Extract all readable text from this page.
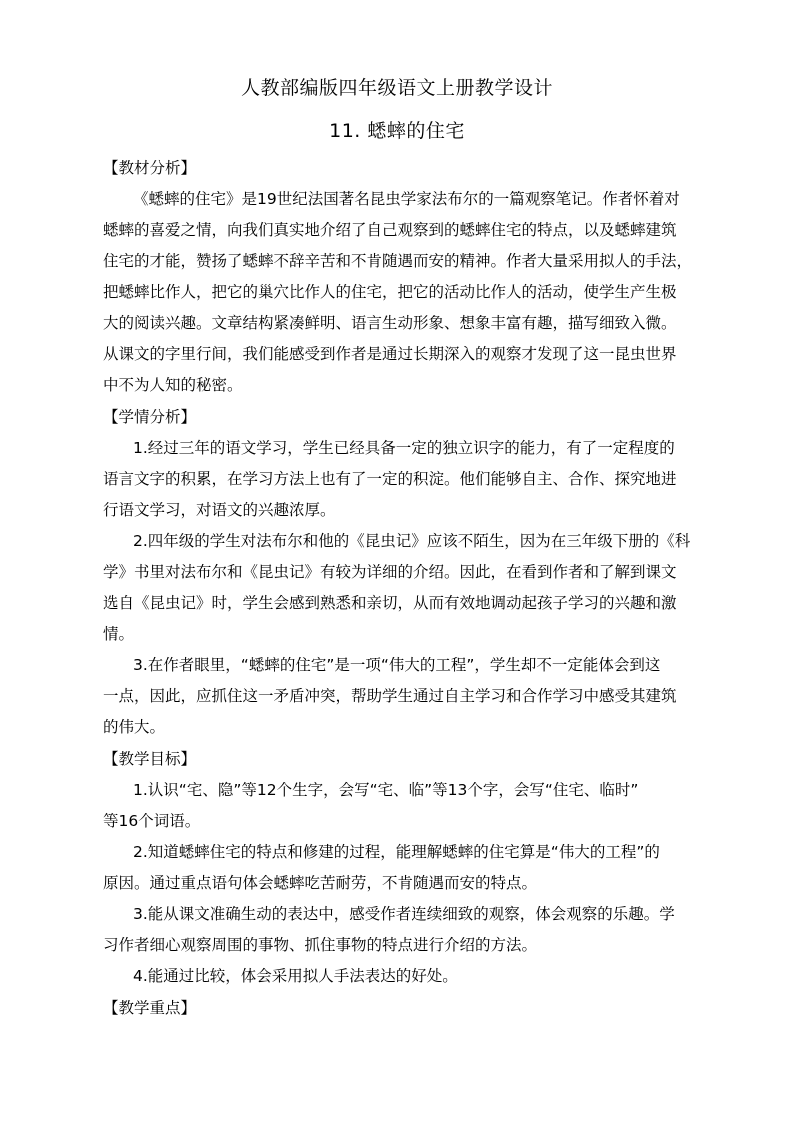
人教部编版四年级语文上册教学设计
11. 蟋蟀的住宅
【教材分析】
《蟋蟀的住宅》是19世纪法国著名昆虫学家法布尔的一篇观察笔记。作者怀着对
蟋蟀的喜爱之情，向我们真实地介绍了自己观察到的蟋蟀住宅的特点，以及蟋蟀建筑
住宅的才能，赞扬了蟋蟀不辞辛苦和不肯随遇而安的精神。作者大量采用拟人的手法，
把蟋蟀比作人，把它的巢穴比作人的住宅，把它的活动比作人的活动，使学生产生极
大的阅读兴趣。文章结构紧凑鲜明、语言生动形象、想象丰富有趣，描写细致入微。
从课文的字里行间，我们能感受到作者是通过长期深入的观察才发现了这一昆虫世界
中不为人知的秘密。
【学情分析】
1.经过三年的语文学习，学生已经具备一定的独立识字的能力，有了一定程度的
语言文字的积累，在学习方法上也有了一定的积淀。他们能够自主、合作、探究地进
行语文学习，对语文的兴趣浓厚。
2.四年级的学生对法布尔和他的《昆虫记》应该不陌生，因为在三年级下册的《科
学》书里对法布尔和《昆虫记》有较为详细的介绍。因此，在看到作者和了解到课文
选自《昆虫记》时，学生会感到熟悉和亲切，从而有效地调动起孩子学习的兴趣和激
情。
3.在作者眼里，“蟋蟀的住宅”是一项“伟大的工程”，学生却不一定能体会到这
一点，因此，应抓住这一矛盾冲突，帮助学生通过自主学习和合作学习中感受其建筑
的伟大。
【教学目标】
1.认识“宅、隐”等12个生字，会写“宅、临”等13个字，会写“住宅、临时”
等16个词语。
2.知道蟋蟀住宅的特点和修建的过程，能理解蟋蟀的住宅算是“伟大的工程”的
原因。通过重点语句体会蟋蟀吃苦耐劳，不肯随遇而安的特点。
3.能从课文准确生动的表达中，感受作者连续细致的观察，体会观察的乐趣。学
习作者细心观察周围的事物、抓住事物的特点进行介绍的方法。
4.能通过比较，体会采用拟人手法表达的好处。
【教学重点】
